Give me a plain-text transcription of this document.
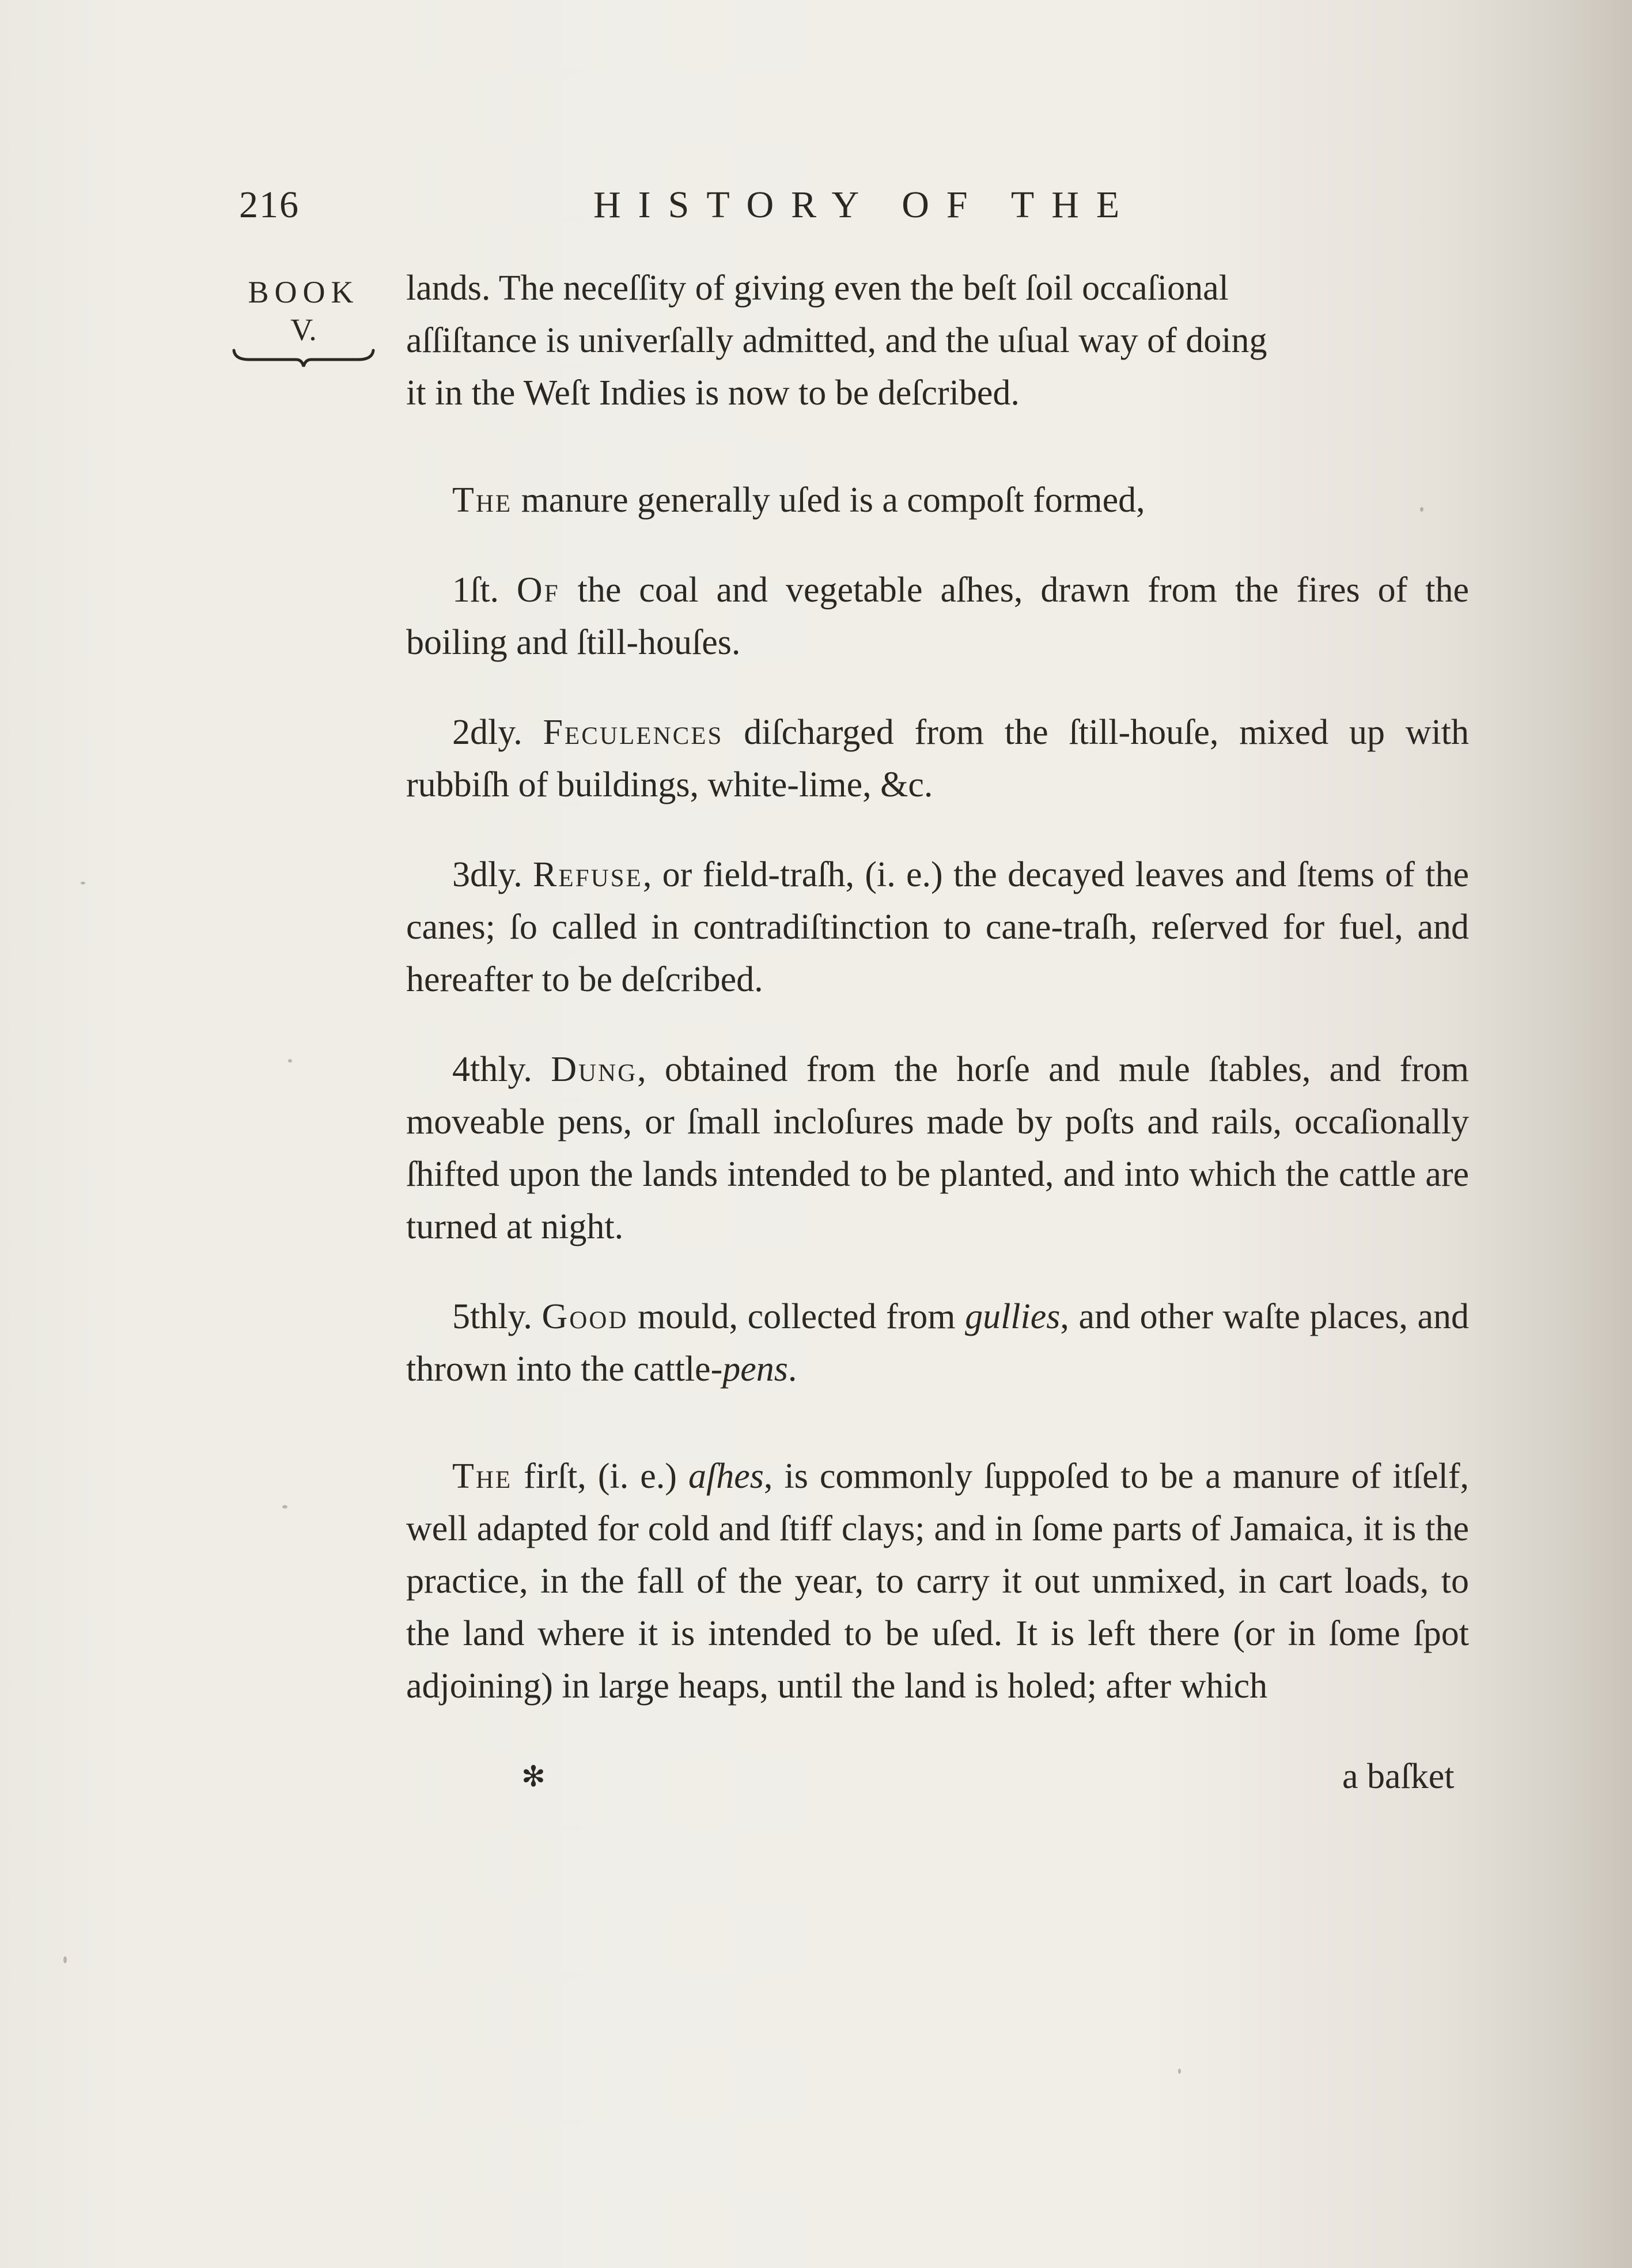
216	HISTORY OF THE
BOOK
V.

lands. The neceſſity of giving even the beſt ſoil occaſional
aſſiſtance is univerſally admitted, and the uſual way of doing
it in the Weſt Indies is now to be deſcribed.

The manure generally uſed is a compoſt formed,

1ſt. Of the coal and vegetable aſhes, drawn from the fires of the boiling and ſtill-houſes.

2dly. Feculences diſcharged from the ſtill-houſe, mixed up with rubbiſh of buildings, white-lime, &c.

3dly. Refuse, or field-traſh, (i. e.) the decayed leaves and ſtems of the canes; ſo called in contradiſtinction to cane-traſh, reſerved for fuel, and hereafter to be deſcribed.

4thly. Dung, obtained from the horſe and mule ſtables, and from moveable pens, or ſmall incloſures made by poſts and rails, occaſionally ſhifted upon the lands intended to be planted, and into which the cattle are turned at night.

5thly. Good mould, collected from gullies, and other waſte places, and thrown into the cattle-pens.

The firſt, (i. e.) aſhes, is commonly ſuppoſed to be a manure of itſelf, well adapted for cold and ſtiff clays; and in ſome parts of Jamaica, it is the practice, in the fall of the year, to carry it out unmixed, in cart loads, to the land where it is intended to be uſed. It is left there (or in ſome ſpot adjoining) in large heaps, until the land is holed; after which

✻	a baſket
